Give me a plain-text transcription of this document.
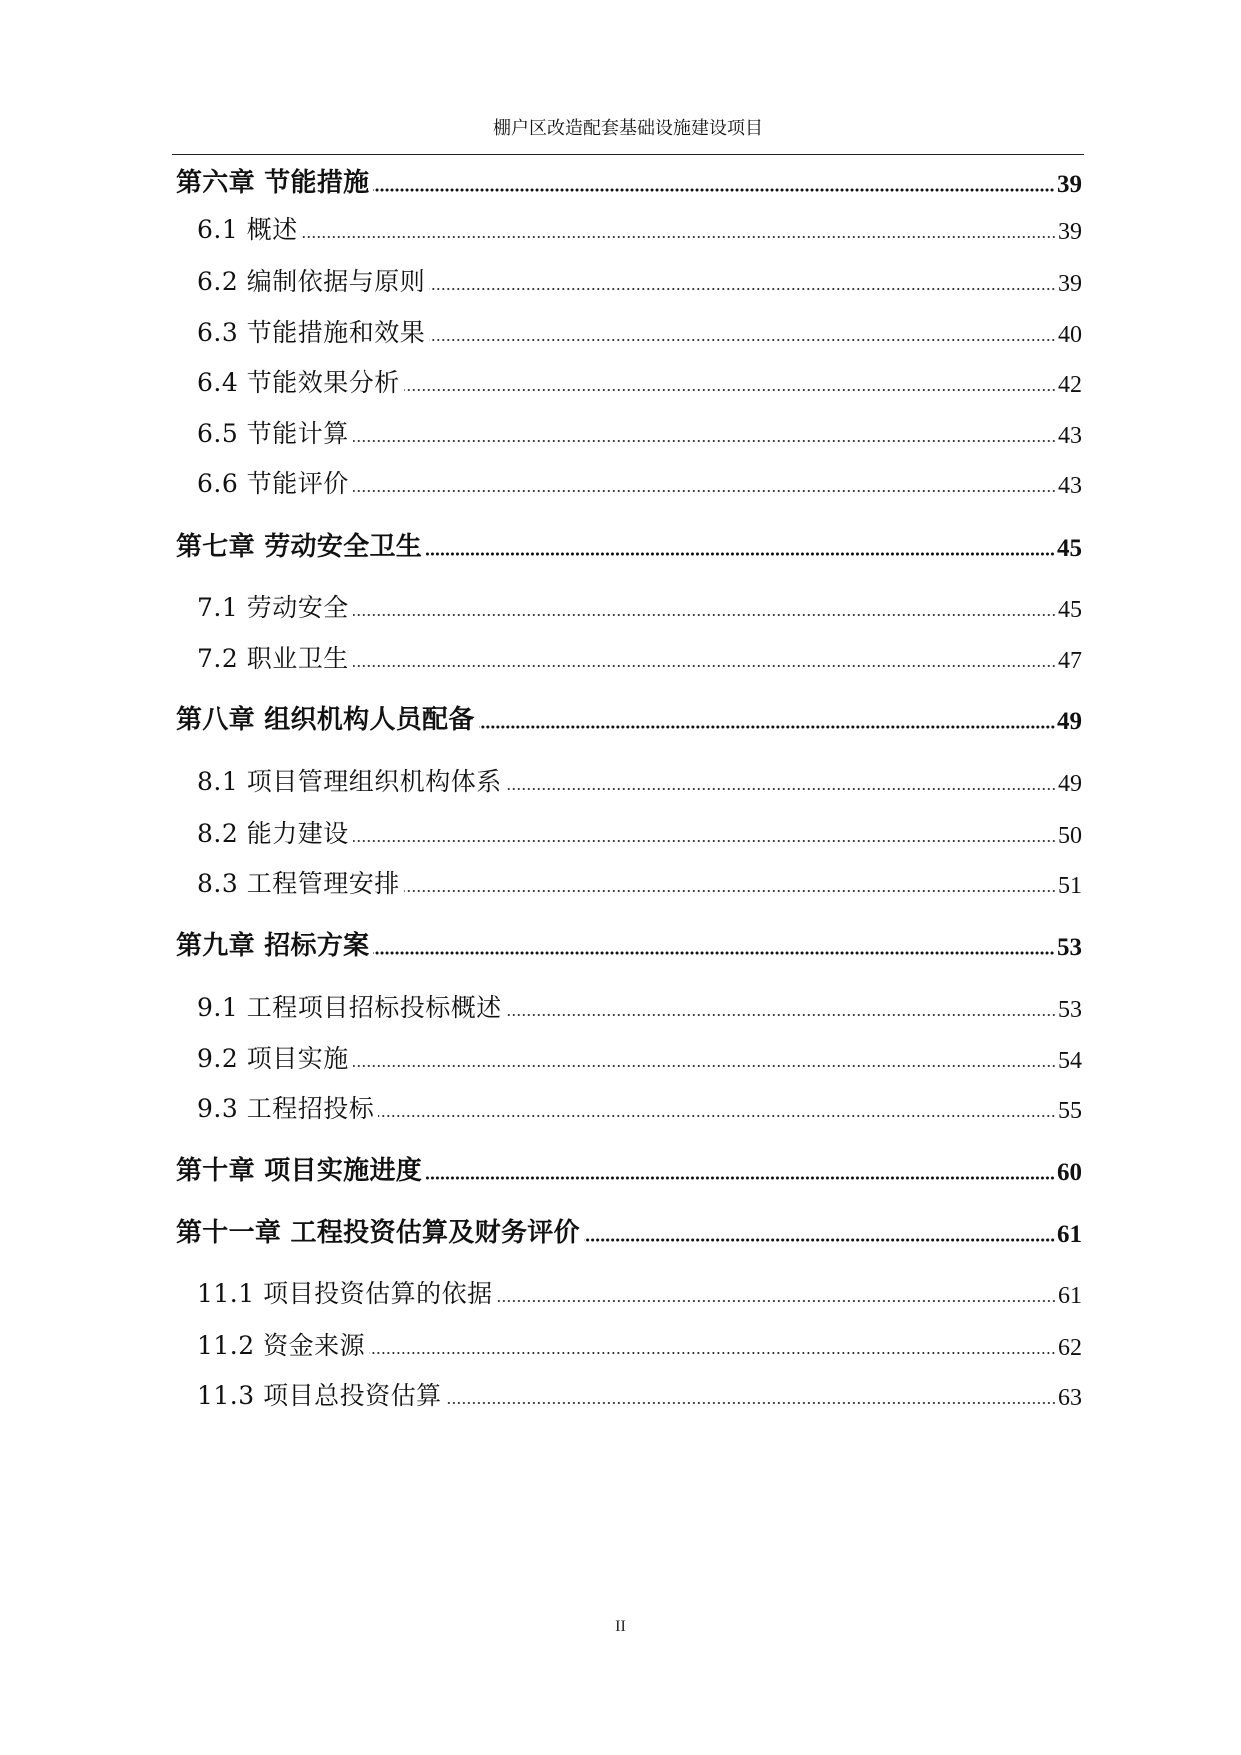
棚户区改造配套基础设施建设项目
第六章 节能措施	39
6.1 概述	39
6.2 编制依据与原则	39
6.3 节能措施和效果	40
6.4 节能效果分析	42
6.5 节能计算	43
6.6 节能评价	43
第七章 劳动安全卫生	45
7.1 劳动安全	45
7.2 职业卫生	47
第八章 组织机构人员配备	49
8.1 项目管理组织机构体系	49
8.2 能力建设	50
8.3 工程管理安排	51
第九章 招标方案	53
9.1 工程项目招标投标概述	53
9.2 项目实施	54
9.3 工程招投标	55
第十章 项目实施进度	60
第十一章 工程投资估算及财务评价	61
11.1 项目投资估算的依据	61
11.2 资金来源	62
11.3 项目总投资估算	63
II
